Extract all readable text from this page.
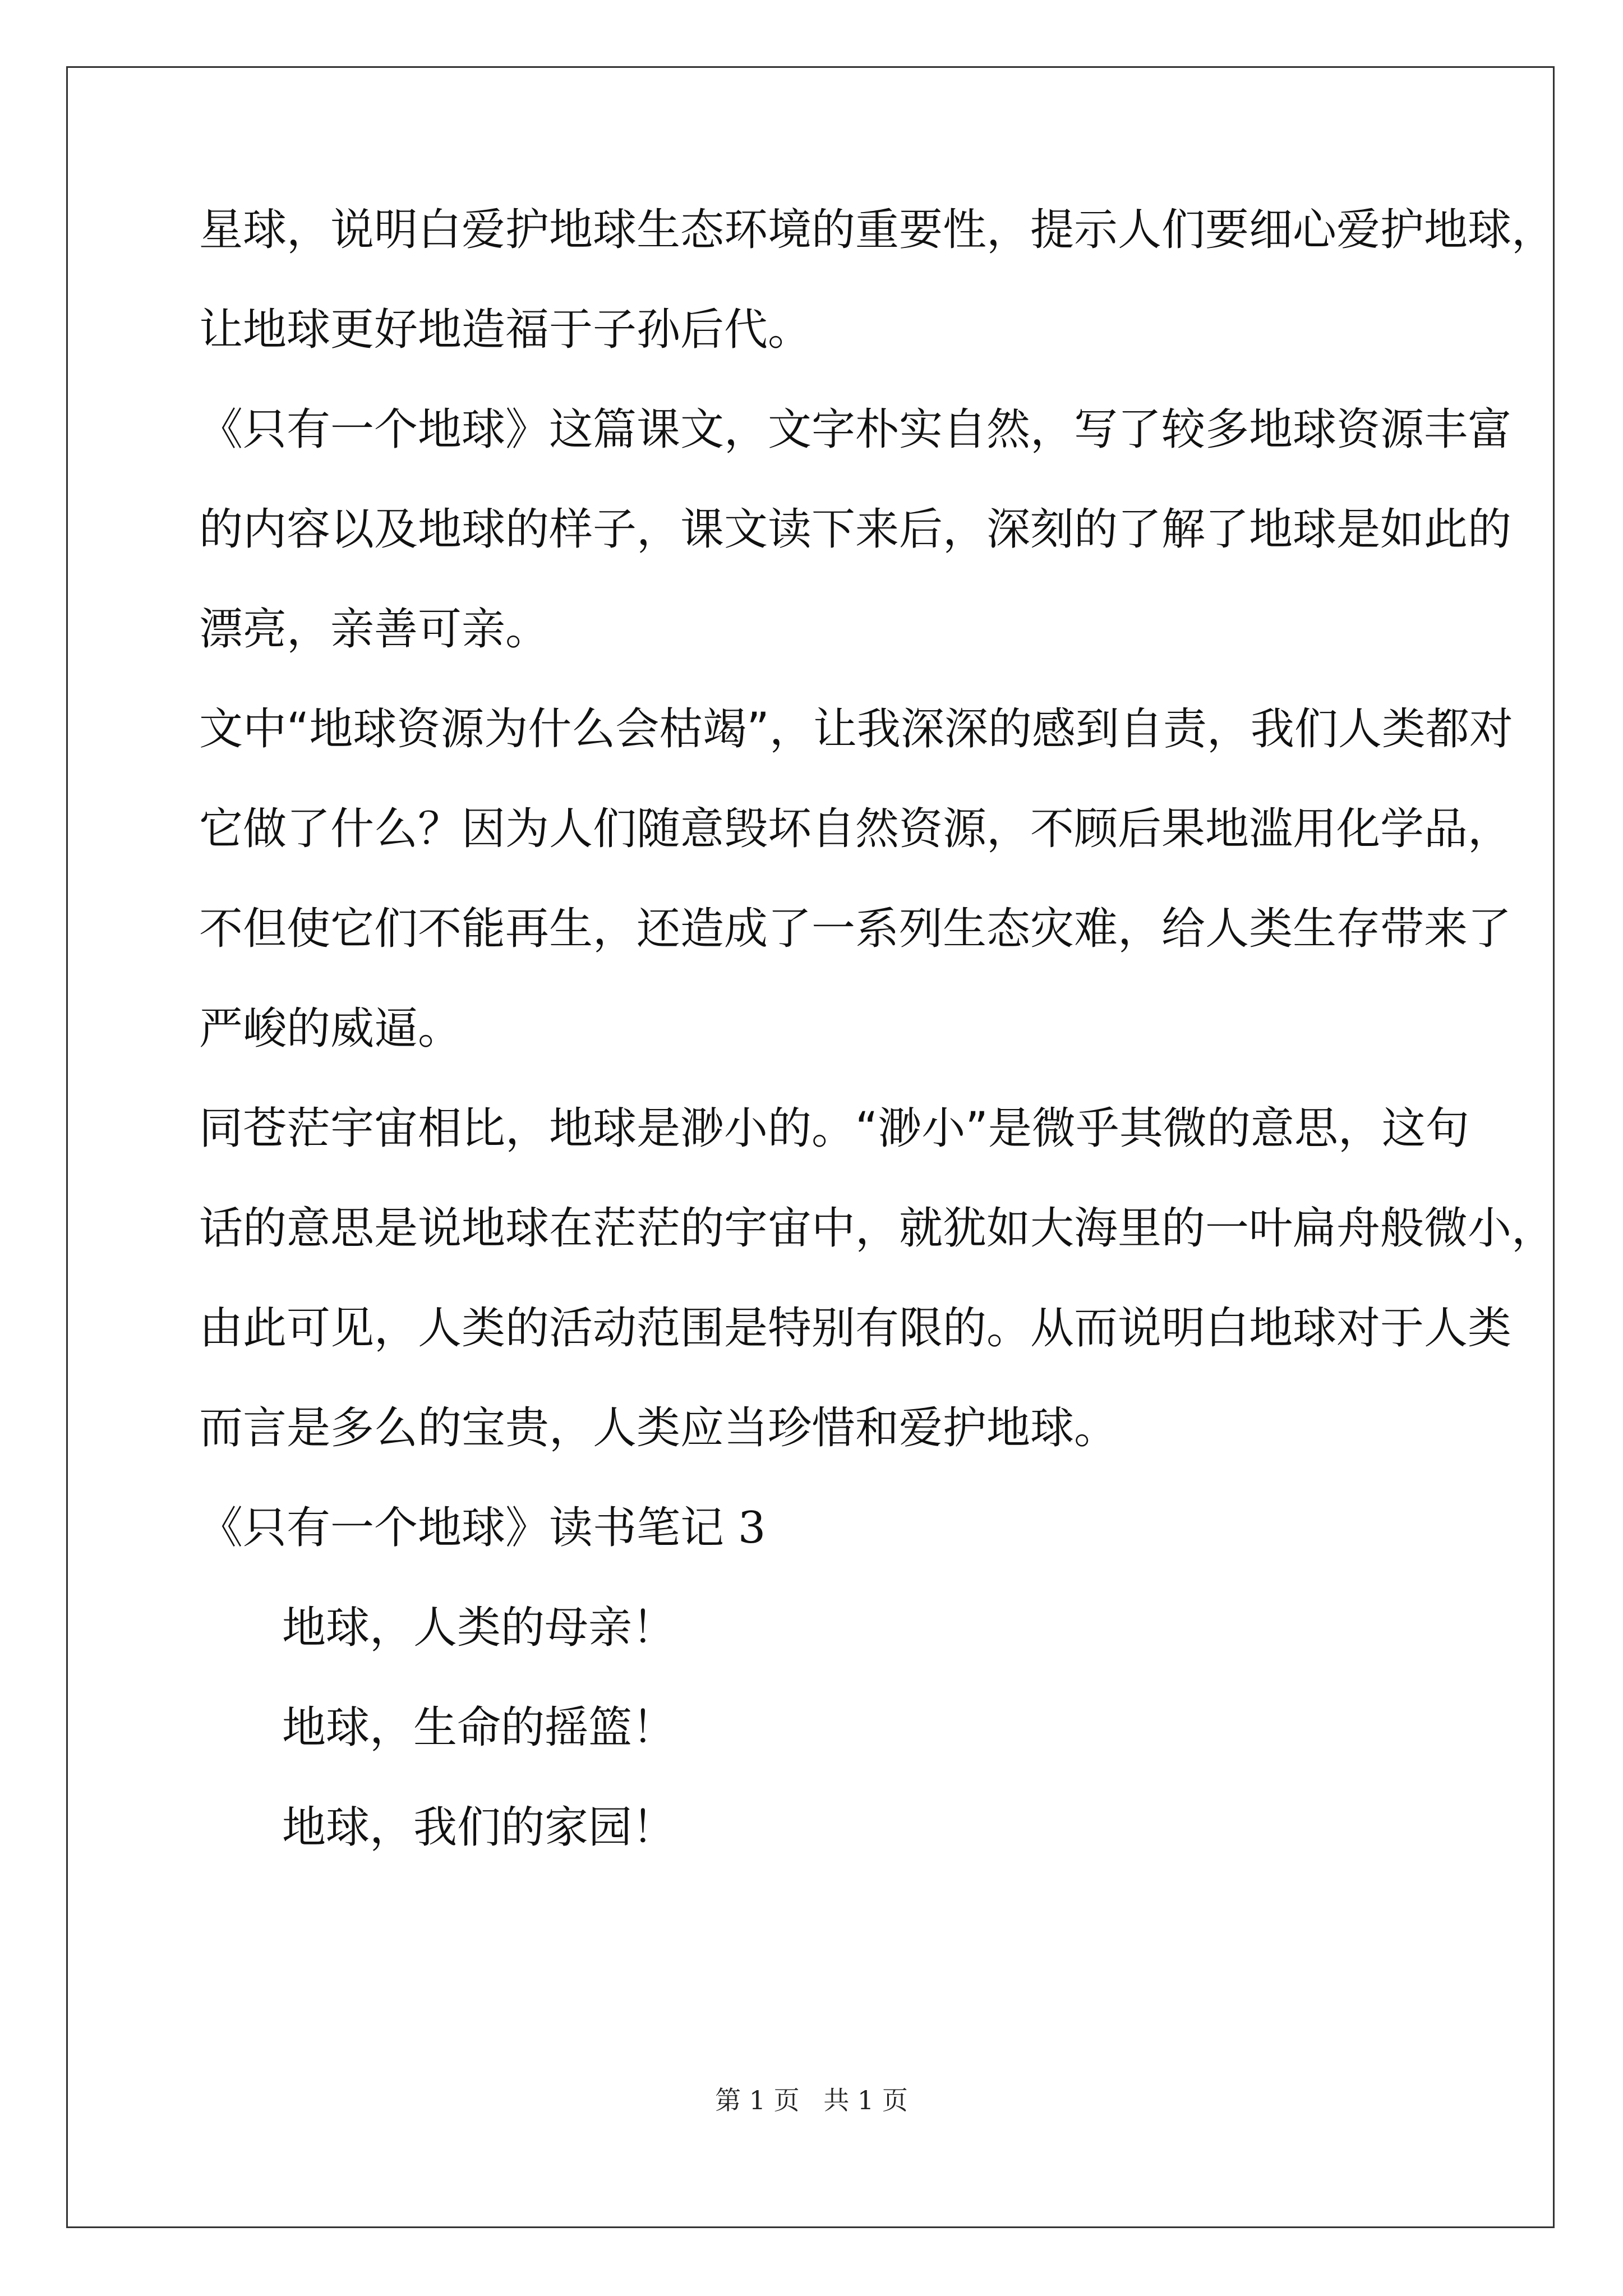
星球，说明白爱护地球生态环境的重要性，提示人们要细心爱护地球，

让地球更好地造福于子孙后代。

《只有一个地球》这篇课文，文字朴实自然，写了较多地球资源丰富

的内容以及地球的样子，课文读下来后，深刻的了解了地球是如此的

漂亮，亲善可亲。

文中“地球资源为什么会枯竭”，让我深深的感到自责，我们人类都对

它做了什么？因为人们随意毁坏自然资源，不顾后果地滥用化学品，

不但使它们不能再生，还造成了一系列生态灾难，给人类生存带来了

严峻的威逼。

同苍茫宇宙相比，地球是渺小的。“渺小”是微乎其微的意思，这句

话的意思是说地球在茫茫的宇宙中，就犹如大海里的一叶扁舟般微小，

由此可见，人类的活动范围是特别有限的。从而说明白地球对于人类

而言是多么的宝贵，人类应当珍惜和爱护地球。

《只有一个地球》读书笔记 3

地球，人类的母亲！

地球，生命的摇篮！

地球，我们的家园！

第 1 页 共 1 页
